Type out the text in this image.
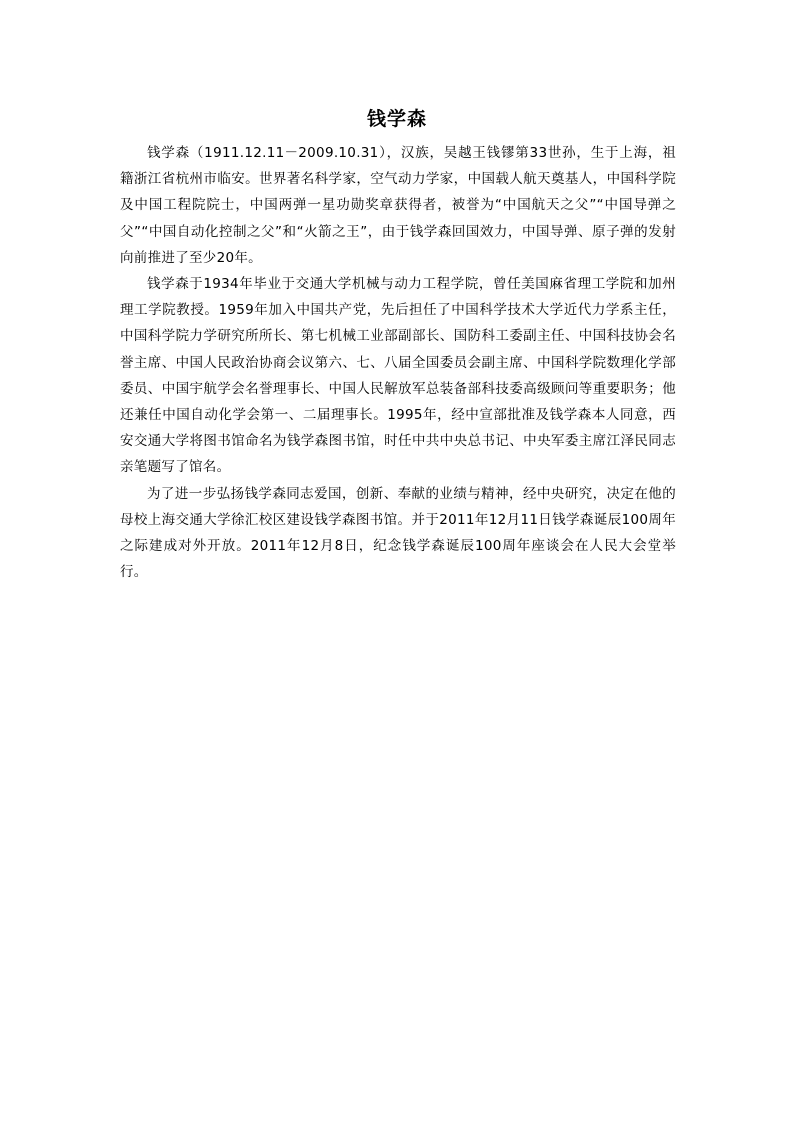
钱学森

钱学森（1911.12.11－2009.10.31），汉族，吴越王钱镠第33世孙，生于上海，祖籍浙江省杭州市临安。世界著名科学家，空气动力学家，中国载人航天奠基人，中国科学院及中国工程院院士，中国两弹一星功勋奖章获得者，被誉为“中国航天之父”“中国导弹之父”“中国自动化控制之父”和“火箭之王”，由于钱学森回国效力，中国导弹、原子弹的发射向前推进了至少20年。

钱学森于1934年毕业于交通大学机械与动力工程学院，曾任美国麻省理工学院和加州理工学院教授。1959年加入中国共产党，先后担任了中国科学技术大学近代力学系主任，中国科学院力学研究所所长、第七机械工业部副部长、国防科工委副主任、中国科技协会名誉主席、中国人民政治协商会议第六、七、八届全国委员会副主席、中国科学院数理化学部委员、中国宇航学会名誉理事长、中国人民解放军总装备部科技委高级顾问等重要职务；他还兼任中国自动化学会第一、二届理事长。1995年，经中宣部批准及钱学森本人同意，西安交通大学将图书馆命名为钱学森图书馆，时任中共中央总书记、中央军委主席江泽民同志亲笔题写了馆名。

为了进一步弘扬钱学森同志爱国，创新、奉献的业绩与精神，经中央研究，决定在他的母校上海交通大学徐汇校区建设钱学森图书馆。并于2011年12月11日钱学森诞辰100周年之际建成对外开放。2011年12月8日，纪念钱学森诞辰100周年座谈会在人民大会堂举行。
